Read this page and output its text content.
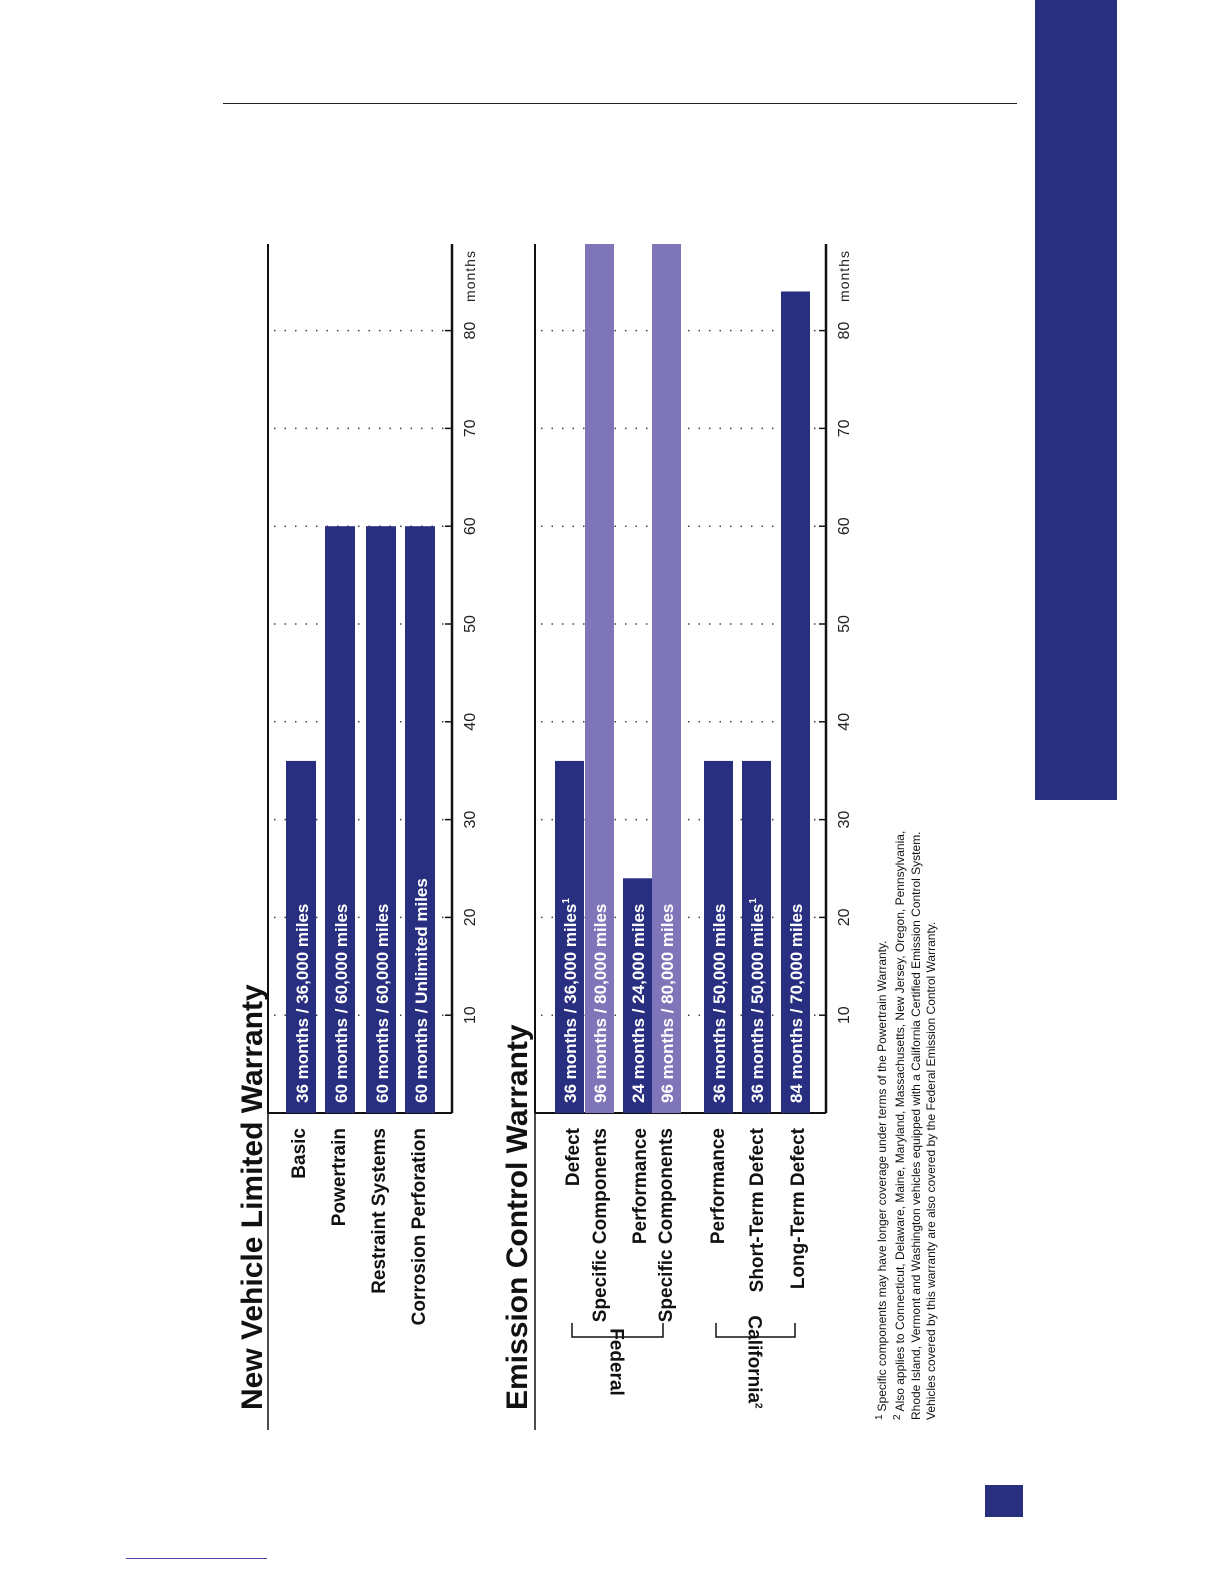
New Vehicle Limited Warranty	10
20
30
40
50
60
70
80
months
36 months / 36,000 miles
Basic
60 months / 60,000 miles
Powertrain
60 months / 60,000 miles
Restraint Systems
60 months / Unlimited miles
Corrosion Perforation Emission Control Warranty
10
20
30
40
50
60
70
80
months
36 months / 36,000 miles$^1$
Defect
96 months / 80,000 miles
Specific Components
24 months / 24,000 miles
Performance
96 months / 80,000 miles
Specific Components
36 months / 50,000 miles
Performance
36 months / 50,000 miles$^1$
Short-Term Defect
84 months / 70,000 miles
Long-Term Defect
Federal	California$^2$
$^1$Specific components may have longer coverage under terms of the Powertrain Warranty.
$^2$Also applies to Connecticut, Delaware, Maine, Maryland, Massachusetts, New Jersey, Oregon, Pennsylvania, Rhode Island, Vermont and Washington vehicles equipped with a California Certified Emission Control System. Vehicles covered by this warranty are also covered by the Federal Emission Control Warranty.
